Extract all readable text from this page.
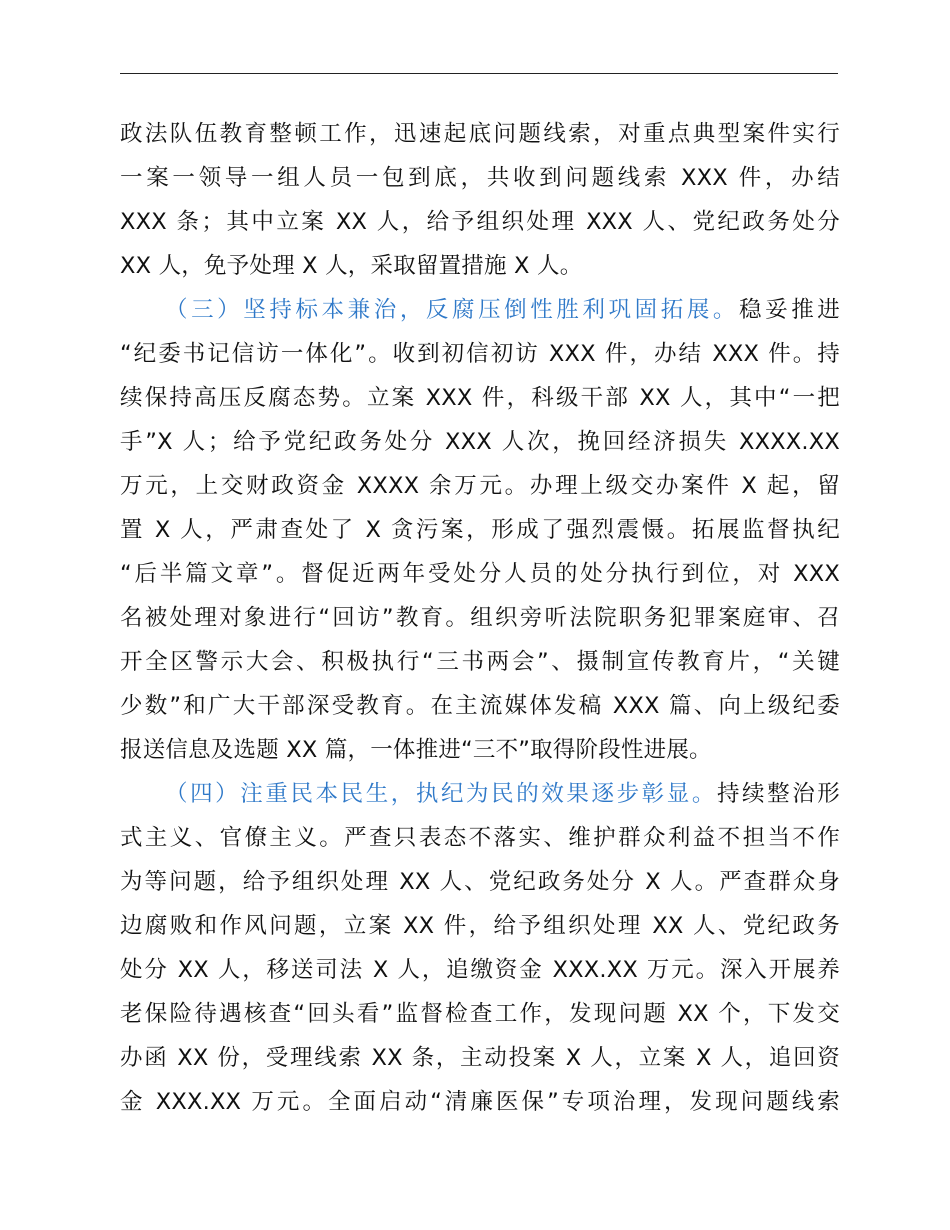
政法队伍教育整顿工作，迅速起底问题线索，对重点典型案件实行
一案一领导一组人员一包到底，共收到问题线索 XXX 件，办结
XXX 条；其中立案 XX 人，给予组织处理 XXX 人、党纪政务处分
XX 人，免予处理 X 人，采取留置措施 X 人。
（三）坚持标本兼治，反腐压倒性胜利巩固拓展。稳妥推进
“纪委书记信访一体化”。收到初信初访 XXX 件，办结 XXX 件。持
续保持高压反腐态势。立案 XXX 件，科级干部 XX 人，其中“一把
手”X 人；给予党纪政务处分 XXX 人次，挽回经济损失 XXXX.XX
万元，上交财政资金 XXXX 余万元。办理上级交办案件 X 起，留
置 X 人，严肃查处了 X 贪污案，形成了强烈震慑。拓展监督执纪
“后半篇文章”。督促近两年受处分人员的处分执行到位，对 XXX
名被处理对象进行“回访”教育。组织旁听法院职务犯罪案庭审、召
开全区警示大会、积极执行“三书两会”、摄制宣传教育片，“关键
少数”和广大干部深受教育。在主流媒体发稿 XXX 篇、向上级纪委
报送信息及选题 XX 篇，一体推进“三不”取得阶段性进展。
（四）注重民本民生，执纪为民的效果逐步彰显。持续整治形
式主义、官僚主义。严查只表态不落实、维护群众利益不担当不作
为等问题，给予组织处理 XX 人、党纪政务处分 X 人。严查群众身
边腐败和作风问题，立案 XX 件，给予组织处理 XX 人、党纪政务
处分 XX 人，移送司法 X 人，追缴资金 XXX.XX 万元。深入开展养
老保险待遇核查“回头看”监督检查工作，发现问题 XX 个，下发交
办函 XX 份，受理线索 XX 条，主动投案 X 人，立案 X 人，追回资
金 XXX.XX 万元。全面启动“清廉医保”专项治理，发现问题线索
